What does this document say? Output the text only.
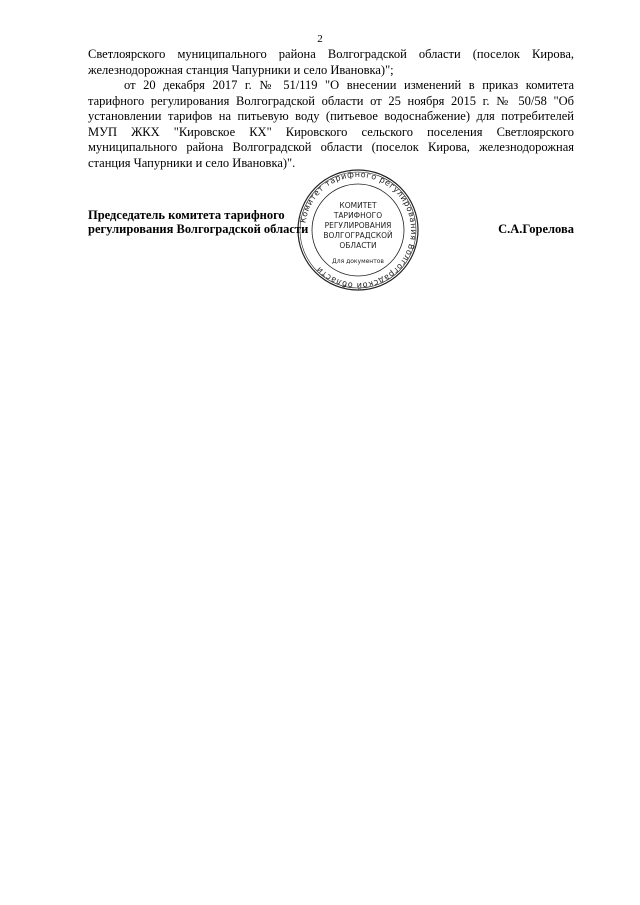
2

Светлоярского муниципального района Волгоградской области (поселок Кирова, железнодорожная станция Чапурники и село Ивановка)";

от 20 декабря 2017 г. № 51/119 "О внесении изменений в приказ комитета тарифного регулирования Волгоградской области от 25 ноября 2015 г. № 50/58 "Об установлении тарифов на питьевую воду (питьевое водоснабжение) для потребителей МУП ЖКХ "Кировское КХ" Кировского сельского поселения Светлоярского муниципального района Волгоградской области (поселок Кирова, железнодорожная станция Чапурники и село Ивановка)".

Комитет тарифного регулирования Волгоградской области
КОМИТЕТ
ТАРИФНОГО
РЕГУЛИРОВАНИЯ
ВОЛГОГРАДСКОЙ
ОБЛАСТИ
Для документов
Председатель комитета тарифного
регулирования Волгоградской области	С.А.Горелова
